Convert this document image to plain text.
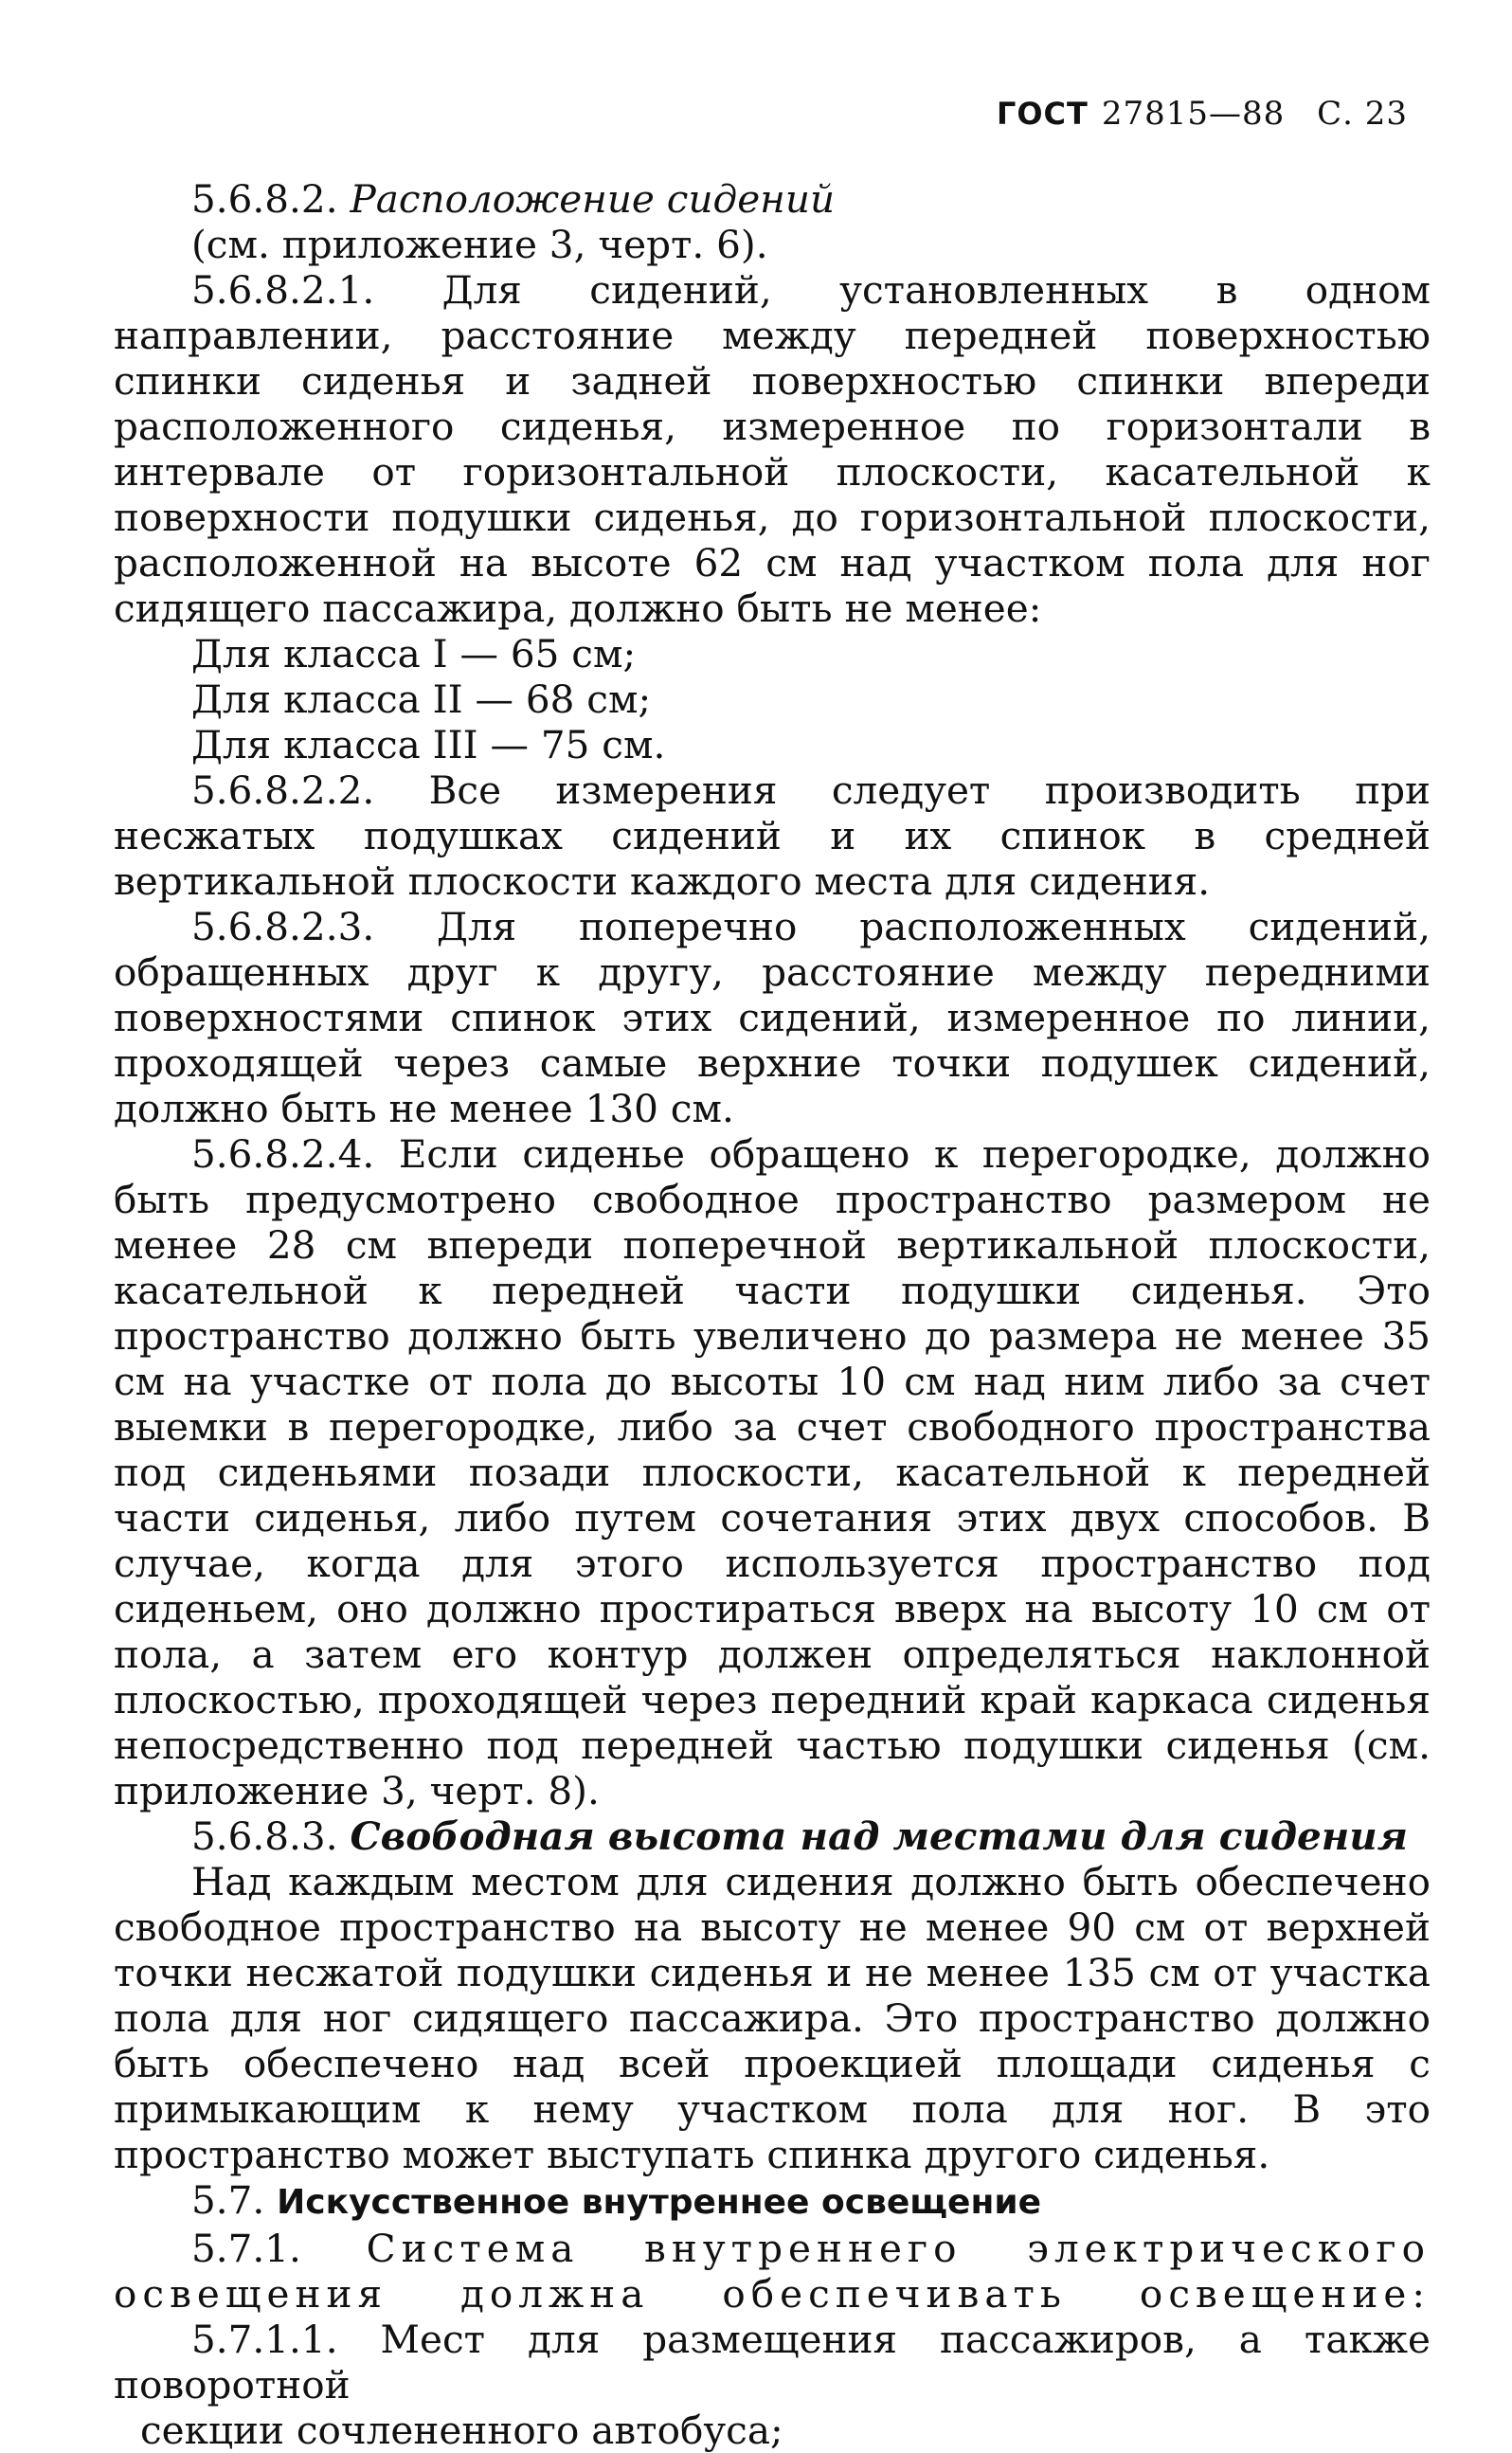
ГОСТ 27815—88 С. 23

5.6.8.2. Расположение сидений

(см. приложение 3, черт. 6).

5.6.8.2.1. Для сидений, установленных в одном направлении, расстояние между передней поверхностью спинки сиденья и задней поверхностью спинки впереди расположенного сиденья, измеренное по горизонтали в интервале от горизонтальной плоскости, касательной к поверхности подушки сиденья, до горизонтальной плоскости, расположенной на высоте 62 см над участком пола для ног сидящего пассажира, должно быть не менее:

Для класса I — 65 см;

Для класса II — 68 см;

Для класса III — 75 см.

5.6.8.2.2. Все измерения следует производить при несжатых подушках сидений и их спинок в средней вертикальной плоскости каждого места для сидения.

5.6.8.2.3. Для поперечно расположенных сидений, обращенных друг к другу, расстояние между передними поверхностями спинок этих сидений, измеренное по линии, проходящей через самые верхние точки подушек сидений, должно быть не менее 130 см.

5.6.8.2.4. Если сиденье обращено к перегородке, должно быть предусмотрено свободное пространство размером не менее 28 см впереди поперечной вертикальной плоскости, касательной к передней части подушки сиденья. Это пространство должно быть увеличено до размера не менее 35 см на участке от пола до высоты 10 см над ним либо за счет выемки в перегородке, либо за счет свободного пространства под сиденьями позади плоскости, касательной к передней части сиденья, либо путем сочетания этих двух способов. В случае, когда для этого используется пространство под сиденьем, оно должно простираться вверх на высоту 10 см от пола, а затем его контур должен определяться наклонной плоскостью, проходящей через передний край каркаса сиденья непосредственно под передней частью подушки сиденья (см. приложение 3, черт. 8).

5.6.8.3. Свободная высота над местами для сидения

Над каждым местом для сидения должно быть обеспечено свободное пространство на высоту не менее 90 см от верхней точки несжатой подушки сиденья и не менее 135 см от участка пола для ног сидящего пассажира. Это пространство должно быть обеспечено над всей проекцией площади сиденья с примыкающим к нему участком пола для ног. В это пространство может выступать спинка другого сиденья.

5.7. Искусственное внутреннее освещение

5.7.1. Система внутреннего электрического освещения должна обеспечивать освещение:

5.7.1.1. Мест для размещения пассажиров, а также поворотной
секции сочлененного автобуса;
